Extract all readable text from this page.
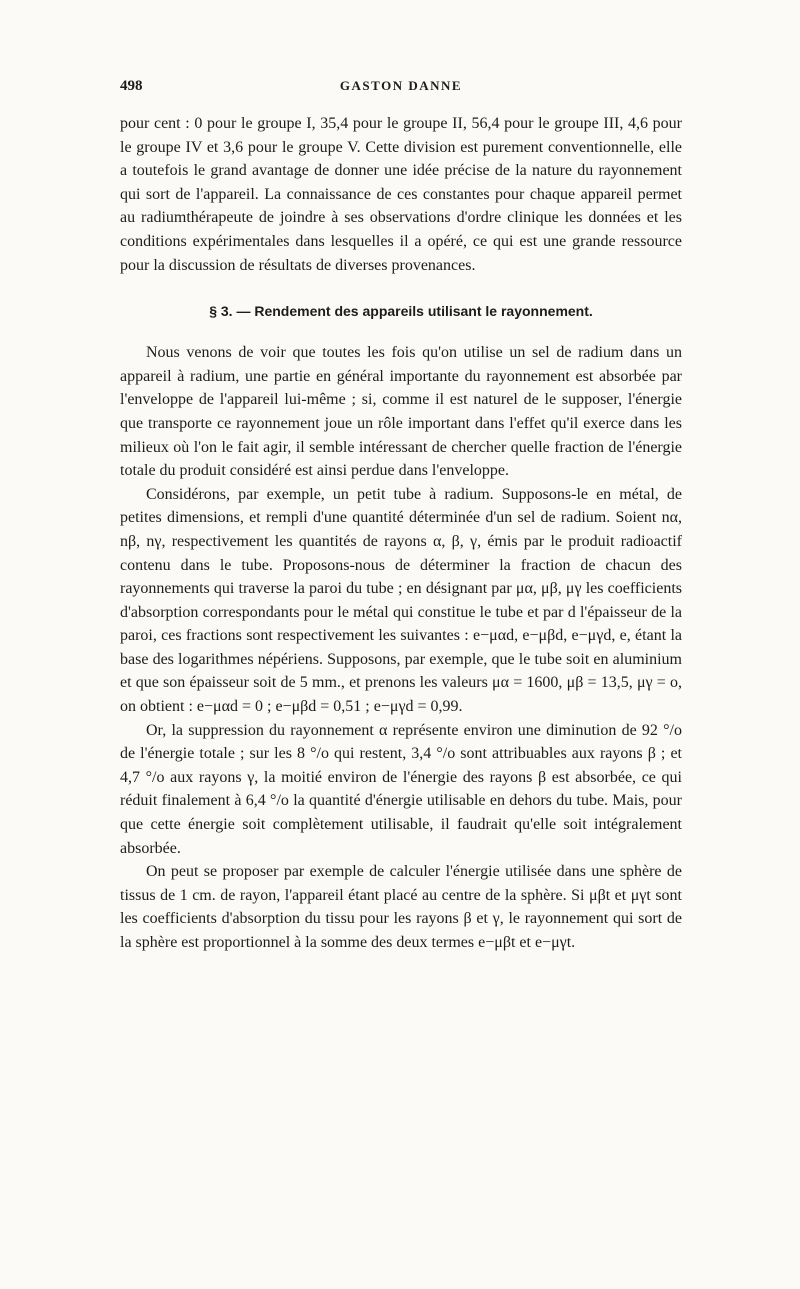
498	GASTON DANNE

pour cent : 0 pour le groupe I, 35,4 pour le groupe II, 56,4 pour le groupe III, 4,6 pour le groupe IV et 3,6 pour le groupe V. Cette division est purement conventionnelle, elle a toutefois le grand avantage de donner une idée précise de la nature du rayonnement qui sort de l'appareil. La connaissance de ces constantes pour chaque appareil permet au radiumthérapeute de joindre à ses observations d'ordre clinique les données et les conditions expérimentales dans lesquelles il a opéré, ce qui est une grande ressource pour la discussion de résultats de diverses provenances.

§ 3. — Rendement des appareils utilisant le rayonnement.

Nous venons de voir que toutes les fois qu'on utilise un sel de radium dans un appareil à radium, une partie en général importante du rayonnement est absorbée par l'enveloppe de l'appareil lui-même ; si, comme il est naturel de le supposer, l'énergie que transporte ce rayonnement joue un rôle important dans l'effet qu'il exerce dans les milieux où l'on le fait agir, il semble intéressant de chercher quelle fraction de l'énergie totale du produit considéré est ainsi perdue dans l'enveloppe.

Considérons, par exemple, un petit tube à radium. Supposons-le en métal, de petites dimensions, et rempli d'une quantité déterminée d'un sel de radium. Soient nα, nβ, nγ, respectivement les quantités de rayons α, β, γ, émis par le produit radioactif contenu dans le tube. Proposons-nous de déterminer la fraction de chacun des rayonnements qui traverse la paroi du tube ; en désignant par μα, μβ, μγ les coefficients d'absorption correspondants pour le métal qui constitue le tube et par d l'épaisseur de la paroi, ces fractions sont respectivement les suivantes : e−μαd, e−μβd, e−μγd, e, étant la base des logarithmes népériens. Supposons, par exemple, que le tube soit en aluminium et que son épaisseur soit de 5 mm., et prenons les valeurs μα = 1600, μβ = 13,5, μγ = o, on obtient : e−μαd = 0 ; e−μβd = 0,51 ; e−μγd = 0,99.

Or, la suppression du rayonnement α représente environ une diminution de 92 °/o de l'énergie totale ; sur les 8 °/o qui restent, 3,4 °/o sont attribuables aux rayons β ; et 4,7 °/o aux rayons γ, la moitié environ de l'énergie des rayons β est absorbée, ce qui réduit finalement à 6,4 °/o la quantité d'énergie utilisable en dehors du tube. Mais, pour que cette énergie soit complètement utilisable, il faudrait qu'elle soit intégralement absorbée.

On peut se proposer par exemple de calculer l'énergie utilisée dans une sphère de tissus de 1 cm. de rayon, l'appareil étant placé au centre de la sphère. Si μβt et μγt sont les coefficients d'absorption du tissu pour les rayons β et γ, le rayonnement qui sort de la sphère est proportionnel à la somme des deux termes e−μβt et e−μγt.
